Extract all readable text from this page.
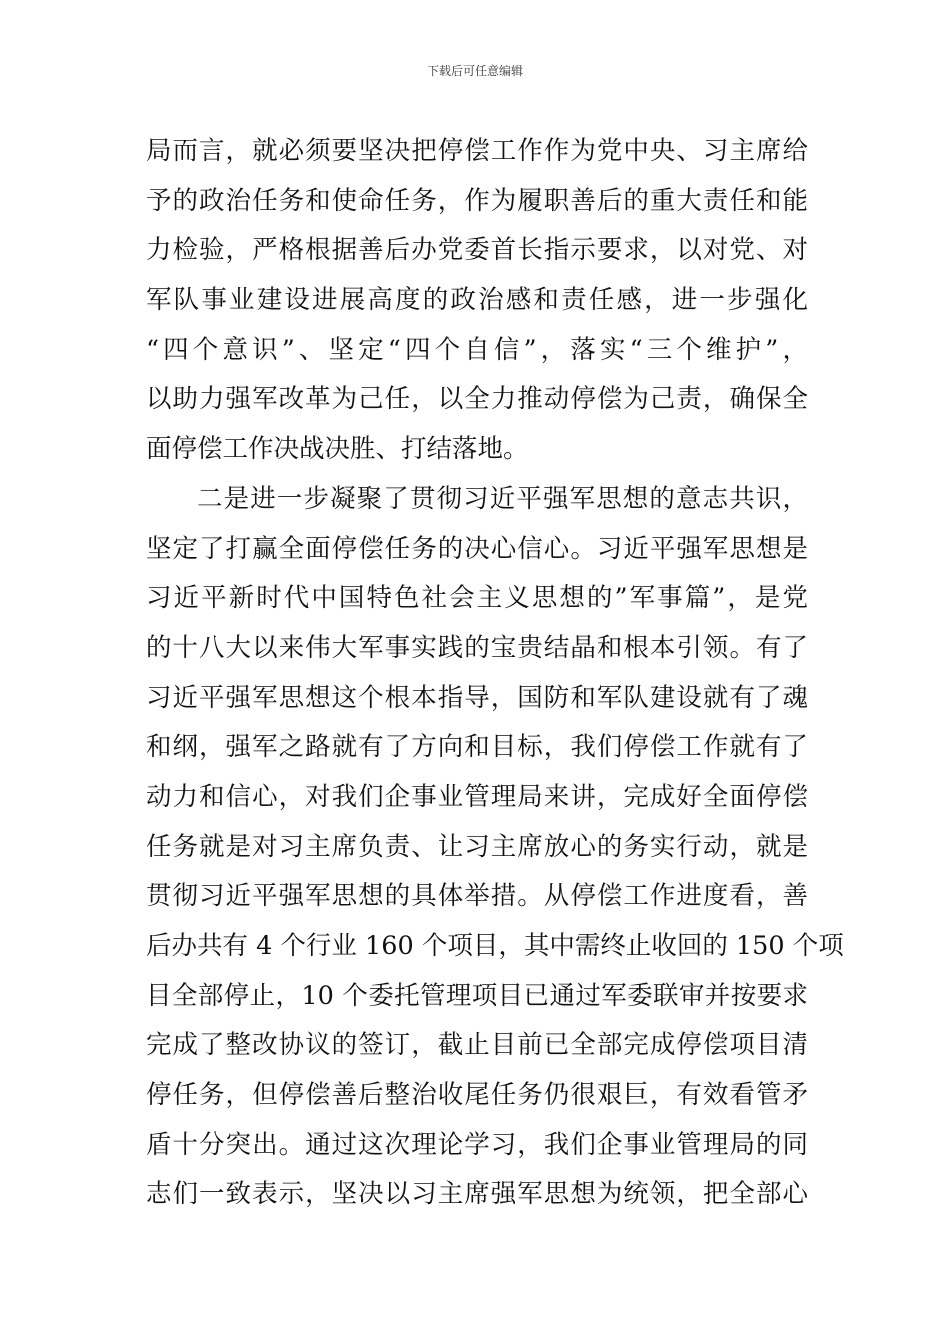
下载后可任意编辑
局而言，就必须要坚决把停偿工作作为党中央、习主席给
予的政治任务和使命任务，作为履职善后的重大责任和能
力检验，严格根据善后办党委首长指示要求，以对党、对
军队事业建设进展高度的政治感和责任感，进一步强化
“四个意识”、坚定“四个自信”，落实“三个维护”，
以助力强军改革为己任，以全力推动停偿为己责，确保全
面停偿工作决战决胜、打结落地。
二是进一步凝聚了贯彻习近平强军思想的意志共识，
坚定了打赢全面停偿任务的决心信心。习近平强军思想是
习近平新时代中国特色社会主义思想的”军事篇”，是党
的十八大以来伟大军事实践的宝贵结晶和根本引领。有了
习近平强军思想这个根本指导，国防和军队建设就有了魂
和纲，强军之路就有了方向和目标，我们停偿工作就有了
动力和信心，对我们企事业管理局来讲，完成好全面停偿
任务就是对习主席负责、让习主席放心的务实行动，就是
贯彻习近平强军思想的具体举措。从停偿工作进度看，善
后办共有 4 个行业 160 个项目，其中需终止收回的 150 个项
目全部停止，10 个委托管理项目已通过军委联审并按要求
完成了整改协议的签订，截止目前已全部完成停偿项目清
停任务，但停偿善后整治收尾任务仍很艰巨，有效看管矛
盾十分突出。通过这次理论学习，我们企事业管理局的同
志们一致表示，坚决以习主席强军思想为统领，把全部心
